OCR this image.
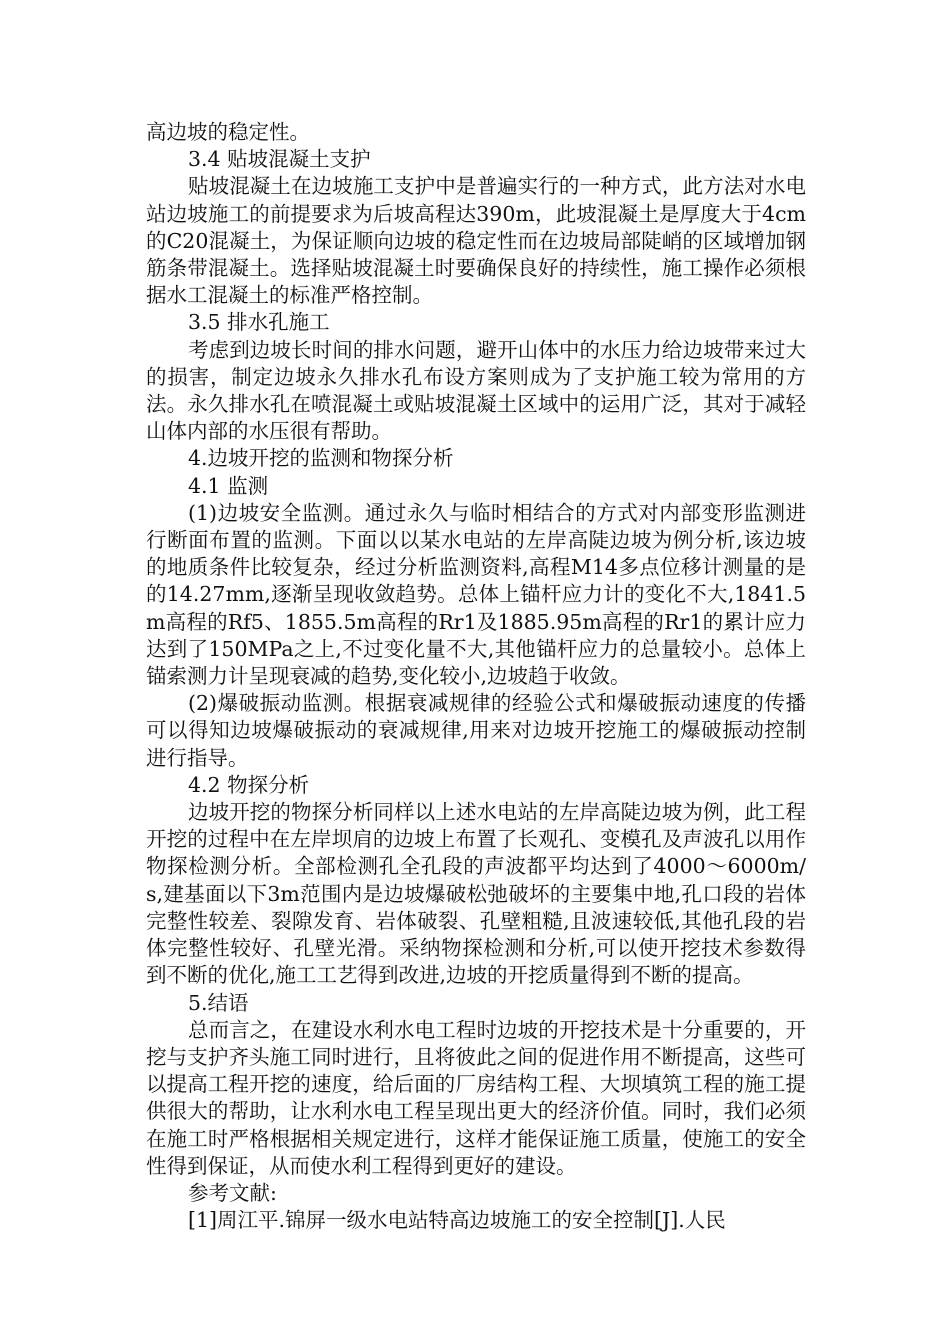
高边坡的稳定性。

3.4 贴坡混凝土支护

贴坡混凝土在边坡施工支护中是普遍实行的一种方式，此方法对水电站边坡施工的前提要求为后坡高程达390m，此坡混凝土是厚度大于4cm的C20混凝土，为保证顺向边坡的稳定性而在边坡局部陡峭的区域增加钢筋条带混凝土。选择贴坡混凝土时要确保良好的持续性，施工操作必须根据水工混凝土的标准严格控制。

3.5 排水孔施工

考虑到边坡长时间的排水问题，避开山体中的水压力给边坡带来过大的损害，制定边坡永久排水孔布设方案则成为了支护施工较为常用的方法。永久排水孔在喷混凝土或贴坡混凝土区域中的运用广泛，其对于减轻山体内部的水压很有帮助。

4.边坡开挖的监测和物探分析

4.1 监测

(1)边坡安全监测。通过永久与临时相结合的方式对内部变形监测进行断面布置的监测。下面以以某水电站的左岸高陡边坡为例分析,该边坡的地质条件比较复杂，经过分析监测资料,高程M14多点位移计测量的是的14.27mm,逐渐呈现收敛趋势。总体上锚杆应力计的变化不大,1841.5m高程的Rf5、1855.5m高程的Rr1及1885.95m高程的Rr1的累计应力达到了150MPa之上,不过变化量不大,其他锚杆应力的总量较小。总体上锚索测力计呈现衰减的趋势,变化较小,边坡趋于收敛。

(2)爆破振动监测。根据衰减规律的经验公式和爆破振动速度的传播可以得知边坡爆破振动的衰减规律,用来对边坡开挖施工的爆破振动控制进行指导。

4.2 物探分析

边坡开挖的物探分析同样以上述水电站的左岸高陡边坡为例，此工程开挖的过程中在左岸坝肩的边坡上布置了长观孔、变模孔及声波孔以用作物探检测分析。全部检测孔全孔段的声波都平均达到了4000～6000m/s,建基面以下3m范围内是边坡爆破松弛破坏的主要集中地,孔口段的岩体完整性较差、裂隙发育、岩体破裂、孔壁粗糙,且波速较低,其他孔段的岩体完整性较好、孔壁光滑。采纳物探检测和分析,可以使开挖技术参数得到不断的优化,施工工艺得到改进,边坡的开挖质量得到不断的提高。

5.结语

总而言之，在建设水利水电工程时边坡的开挖技术是十分重要的，开挖与支护齐头施工同时进行，且将彼此之间的促进作用不断提高，这些可以提高工程开挖的速度，给后面的厂房结构工程、大坝填筑工程的施工提供很大的帮助，让水利水电工程呈现出更大的经济价值。同时，我们必须在施工时严格根据相关规定进行，这样才能保证施工质量，使施工的安全性得到保证，从而使水利工程得到更好的建设。

参考文献:

[1]周江平.锦屏一级水电站特高边坡施工的安全控制[J].人民
